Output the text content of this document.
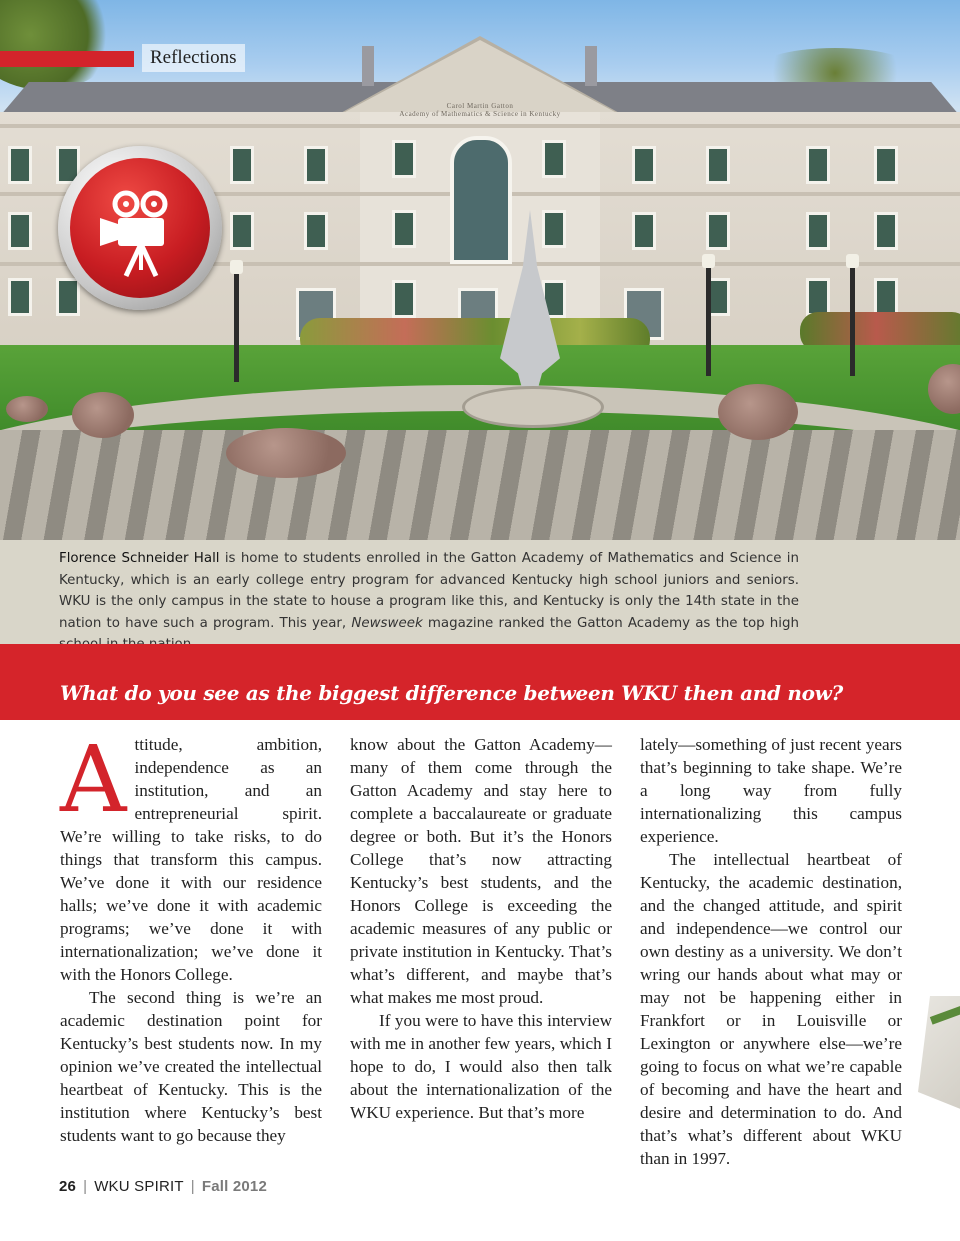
Carol Martin Gatton
Academy of Mathematics & Science in Kentucky
Reflections

Florence Schneider Hall is home to students enrolled in the Gatton Academy of Mathematics and Science in Kentucky, which is an early college entry program for advanced Kentucky high school juniors and seniors. WKU is the only campus in the state to house a program like this, and Kentucky is only the 14th state in the nation to have such a program. This year, Newsweek magazine ranked the Gatton Academy as the top high

What do you see as the biggest difference between WKU then and now?

Attitude, ambition, independence as an institution, and an entrepreneurial spirit. We’re willing to take risks, to do things that transform this campus. We’ve done it with our residence halls; we’ve done it with academic programs; we’ve done it with internationalization; we’ve done it with the Honors College.

The second thing is we’re an academic destination point for Kentucky’s best students now. In my opinion we’ve created the intellectual heartbeat of Kentucky. This is the institution where Kentucky’s best students want to go because they

know about the Gatton Academy—many of them come through the Gatton Academy and stay here to complete a baccalaureate or graduate degree or both. But it’s the Honors College that’s now attracting Kentucky’s best students, and the Honors College is exceeding the academic measures of any public or private institution in Kentucky. That’s what’s different, and maybe that’s what makes me most proud.

If you were to have this interview with me in another few years, which I hope to do, I would also then talk about the internationalization of the WKU experience. But that’s more

lately—something of just recent years that’s beginning to take shape. We’re a long way from fully internationalizing this campus experience.

The intellectual heartbeat of Kentucky, the academic destination, and the changed attitude, and spirit and independence—we control our own destiny as a university. We don’t wring our hands about what may or may not be happening either in Frankfort or in Louisville or Lexington or anywhere else—we’re going to focus on what we’re capable of becoming and have the heart and desire and determination to do. And that’s what’s different about WKU than in 1997.

26 | WKU SPIRIT | Fall 2012
